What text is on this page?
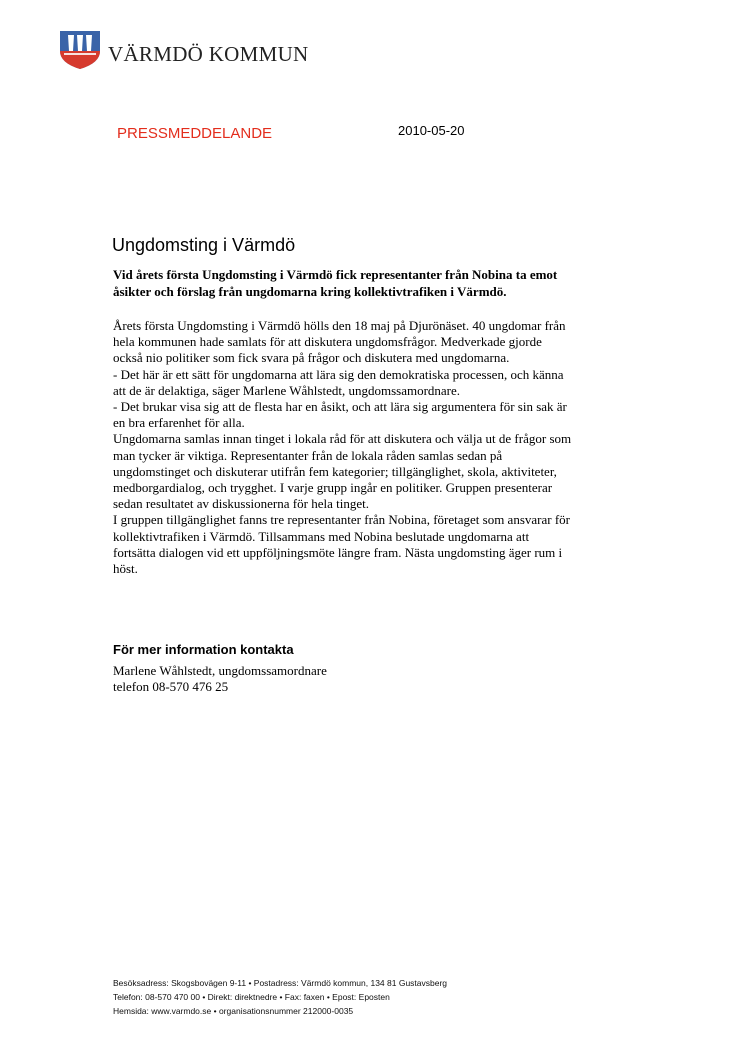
VÄRMDÖ KOMMUN
PRESSMEDDELANDE	2010-05-20
Ungdomsting i Värmdö
Vid årets första Ungdomsting i Värmdö fick representanter från Nobina ta emot
åsikter och förslag från ungdomarna kring kollektivtrafiken i Värmdö.
Årets första Ungdomsting i Värmdö hölls den 18 maj på Djurönäset. 40 ungdomar från
hela kommunen hade samlats för att diskutera ungdomsfrågor. Medverkade gjorde
också nio politiker som fick svara på frågor och diskutera med ungdomarna.
- Det här är ett sätt för ungdomarna att lära sig den demokratiska processen, och känna
att de är delaktiga, säger Marlene Wåhlstedt, ungdomssamordnare.
- Det brukar visa sig att de flesta har en åsikt, och att lära sig argumentera för sin sak är
en bra erfarenhet för alla.
Ungdomarna samlas innan tinget i lokala råd för att diskutera och välja ut de frågor som
man tycker är viktiga. Representanter från de lokala råden samlas sedan på
ungdomstinget och diskuterar utifrån fem kategorier; tillgänglighet, skola, aktiviteter,
medborgardialog, och trygghet. I varje grupp ingår en politiker. Gruppen presenterar
sedan resultatet av diskussionerna för hela tinget.
I gruppen tillgänglighet fanns tre representanter från Nobina, företaget som ansvarar för
kollektivtrafiken i Värmdö. Tillsammans med Nobina beslutade ungdomarna att
fortsätta dialogen vid ett uppföljningsmöte längre fram. Nästa ungdomsting äger rum i
höst.
För mer information kontakta
Marlene Wåhlstedt, ungdomssamordnare
telefon 08-570 476 25
Besöksadress: Skogsbovägen 9-11 • Postadress: Värmdö kommun, 134 81 Gustavsberg
Telefon: 08-570 470 00 • Direkt: direktnedre • Fax: faxen • Epost: Eposten
Hemsida: www.varmdo.se • organisationsnummer 212000-0035
